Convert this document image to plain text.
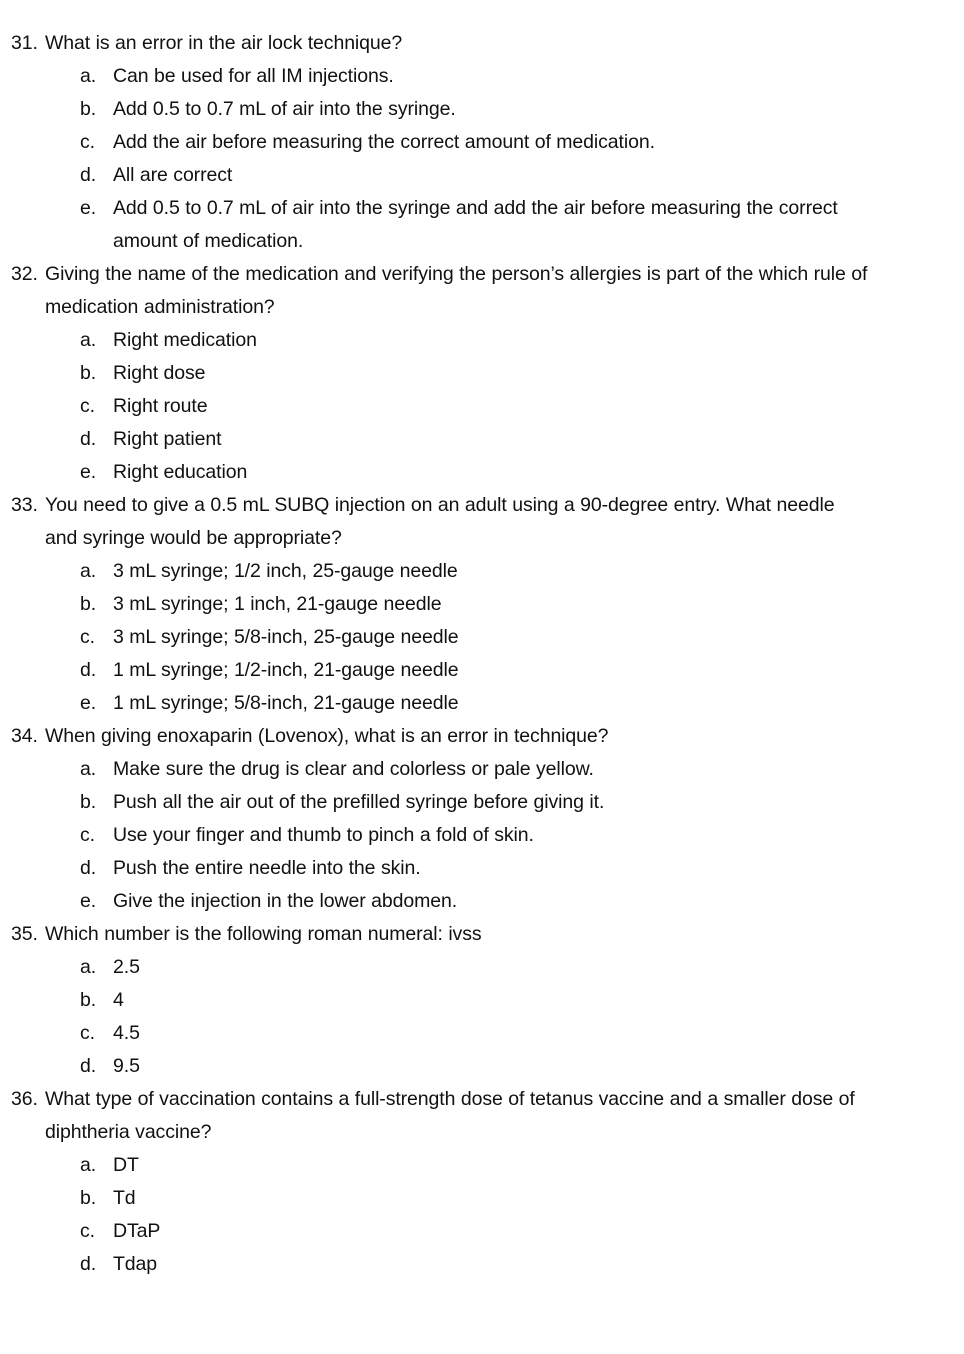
31. What is an error in the air lock technique?
a. Can be used for all IM injections.
b. Add 0.5 to 0.7 mL of air into the syringe.
c. Add the air before measuring the correct amount of medication.
d. All are correct
e. Add 0.5 to 0.7 mL of air into the syringe and add the air before measuring the correct amount of medication.
32. Giving the name of the medication and verifying the person’s allergies is part of the which rule of medication administration?
a. Right medication
b. Right dose
c. Right route
d. Right patient
e. Right education
33. You need to give a 0.5 mL SUBQ injection on an adult using a 90-degree entry. What needle and syringe would be appropriate?
a. 3 mL syringe; 1/2 inch, 25-gauge needle
b. 3 mL syringe; 1 inch, 21-gauge needle
c. 3 mL syringe; 5/8-inch, 25-gauge needle
d. 1 mL syringe; 1/2-inch, 21-gauge needle
e. 1 mL syringe; 5/8-inch, 21-gauge needle
34. When giving enoxaparin (Lovenox), what is an error in technique?
a. Make sure the drug is clear and colorless or pale yellow.
b. Push all the air out of the prefilled syringe before giving it.
c. Use your finger and thumb to pinch a fold of skin.
d. Push the entire needle into the skin.
e. Give the injection in the lower abdomen.
35. Which number is the following roman numeral: ivss
a. 2.5
b. 4
c. 4.5
d. 9.5
36. What type of vaccination contains a full-strength dose of tetanus vaccine and a smaller dose of diphtheria vaccine?
a. DT
b. Td
c. DTaP
d. Tdap
